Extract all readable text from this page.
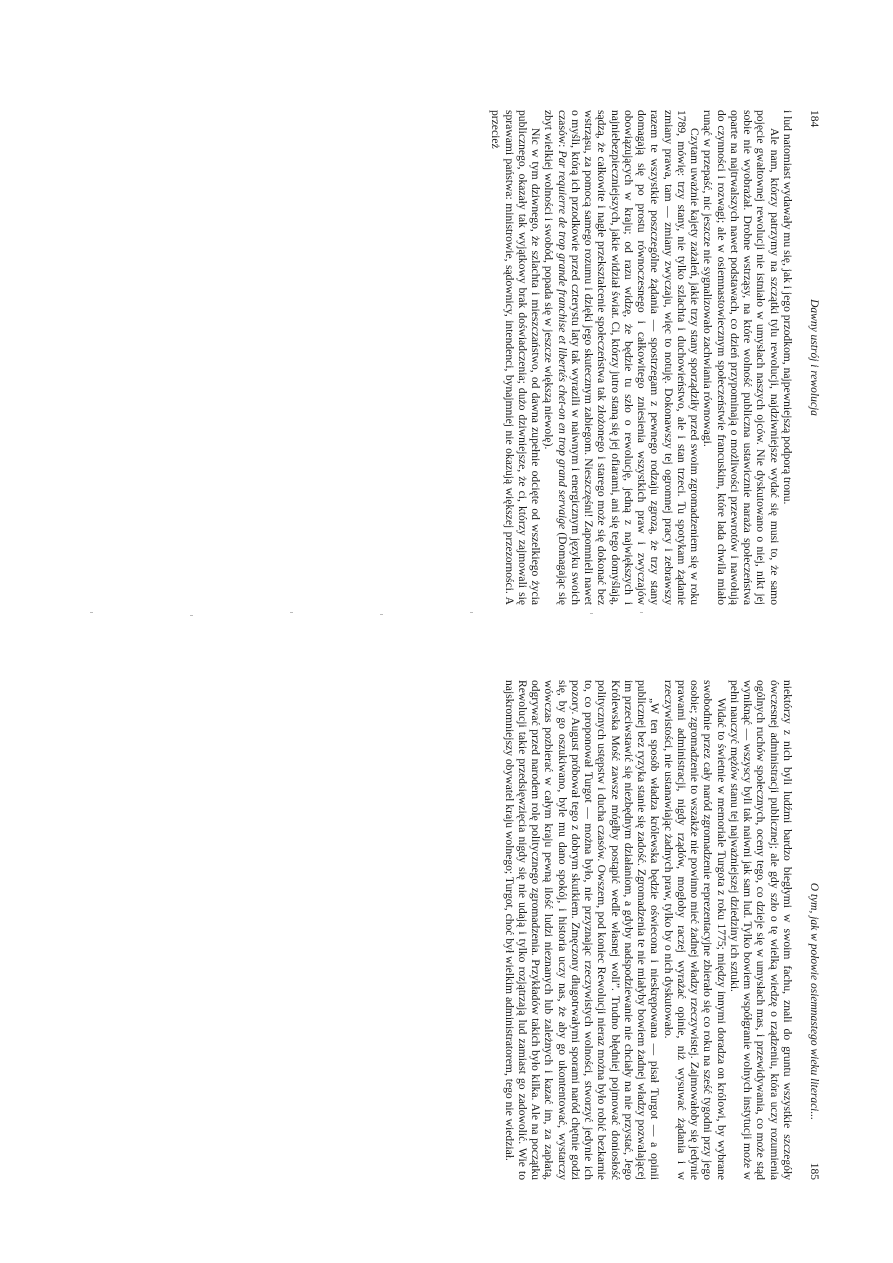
184
Dawny ustrój i rewolucja

i lud natomiast wydawały mu się, jak i jego przodkom, najpewniejszą podporą tronu.

Ale nam, którzy patrzymy na szczątki tylu rewolucji, najdziwniejsze wydać się musi to, że samo pojęcie gwałtownej rewolucji nie istniało w umysłach naszych ojców. Nie dyskutowano o niej, nikt jej sobie nie wyobrażał. Drobne wstrząsy, na które wolność publiczna ustawicznie naraża społeczeństwa oparte na najtrwalszych nawet podstawach, co dzień przypominają o możliwości przewrotów i nawołują do czynności i rozwagi; ale w osiemnastowiecznym społeczeństwie francuskim, które lada chwila miało runąć w przepaść, nic jeszcze nie sygnalizowało zachwiania równowagi.

Czytam uważnie kajety zażaleń, jakie trzy stany sporządziły przed swoim zgromadzeniem się w roku 1789, mówię: trzy stany, nie tylko szlachta i duchowieństwo, ale i stan trzeci. Tu spotykam żądanie zmiany prawa, tam — zmiany zwyczaju, więc to notuję. Dokonawszy tej ogromnej pracy i zebrawszy razem te wszystkie poszczególne żądania — spostrzegam z pewnego rodzaju zgrozą, że trzy stany domagają się po prostu równoczesnego i całkowitego zniesienia wszystkich praw i zwyczajów obowiązujących w kraju; od razu widzę, że będzie tu szło o rewolucję, jedną z największych i najniebezpieczniejszych, jakie widział świat. Ci, którzy jutro staną się jej ofiarami, ani się tego domyślają, sądzą, że całkowite i nagłe przekształcenie społeczeństwa tak złożonego i starego może się dokonać bez wstrząsu, za pomocą samego rozumu i dzięki jego skutecznym zabiegom. Nieszczęśni! Zapomnieli nawet o myśli, którą ich przodkowie przed czterystu laty tak wyrazili w naiwnym i energicznym języku swoich czasów: Par requierre de trop grande franchise et libertés chet-on en trop grand servaige (Domagając się zbyt wielkiej wolności i swobód, popada się w jeszcze większą niewolę).

Nic w tym dziwnego, że szlachta i mieszczaństwo, od dawna zupełnie odcięte od wszelkiego życia publicznego, okazały tak wyjątkowy brak doświadczenia; dużo dziwniejsze, że ci, którzy zajmowali się sprawami państwa: ministrowie, sądownicy, intendenci, bynajmniej nie okazują większej przezorności. A przecież

O tym, jak w połowie osiemnastego wieku literaci...
185

niektórzy z nich byli ludźmi bardzo biegłymi w swoim fachu, znali do gruntu wszystkie szczegóły ówczesnej administracji publicznej; ale gdy szło o tę wielką wiedzę o rządzeniu, która uczy rozumienia ogólnych ruchów społecznych, oceny tego, co dzieje się w umysłach mas, i przewidywania, co może stąd wyniknąć — wszyscy byli tak naiwni jak sam lud. Tylko bowiem współgranie wolnych instytucji może w pełni nauczyć mężów stanu tej najważniejszej dziedziny ich sztuki.

Widać to świetnie w memoriale Turgota z roku 1775; między innymi doradza on królowi, by wybrane swobodnie przez cały naród zgromadzenie reprezentacyjne zbierało się co roku na sześć tygodni przy jego osobie; zgromadzenie to wszakże nie powinno mieć żadnej władzy rzeczywistej. Zajmowałoby się jedynie prawami administracji, nigdy rządów, mogłoby raczej wyrażać opinie, niż wysuwać żądania i w rzeczywistości, nie ustanawiając żadnych praw, tylko by o nich dyskutowało.

„W ten sposób władza królewska będzie oświecona i nieskrępowana — pisał Turgot — a opinii publicznej bez ryzyka stanie się zadość. Zgromadzenia te nie miałyby bowiem żadnej władzy pozwalającej im przeciwstawić się niezbędnym działaniom, a gdyby nadspodziewanie nie chciały na nie przystać, Jego Królewska Mość zawsze mógłby postąpić wedle własnej woli”. Trudno błędniej pojmować doniosłość politycznych ustępstw i ducha czasów. Owszem, pod koniec Rewolucji nieraz można było robić bezkarnie to, co proponował Turgot — można było, nie przyznając rzeczywistych wolności, stworzyć jedynie ich pozory. August próbował tego z dobrym skutkiem. Zmęczony długotrwałymi sporami naród chętnie godzi się, by go oszukiwano, byle mu dano spokój, i historia uczy nas, że aby go ukontentować, wystarczy wówczas pozbierać w całym kraju pewną ilość ludzi nieznanych lub zależnych i kazać im, za zapłatą, odgrywać przed narodem rolę politycznego zgromadzenia. Przykładów takich było kilka. Ale na początku Rewolucji takie przedsięwzięcia nigdy się nie udają i tylko rozjątrzają lud zamiast go zadowolić. Wie to najskromniejszy obywatel kraju wolnego; Turgot, choć był wielkim administratorem, tego nie wiedział.
